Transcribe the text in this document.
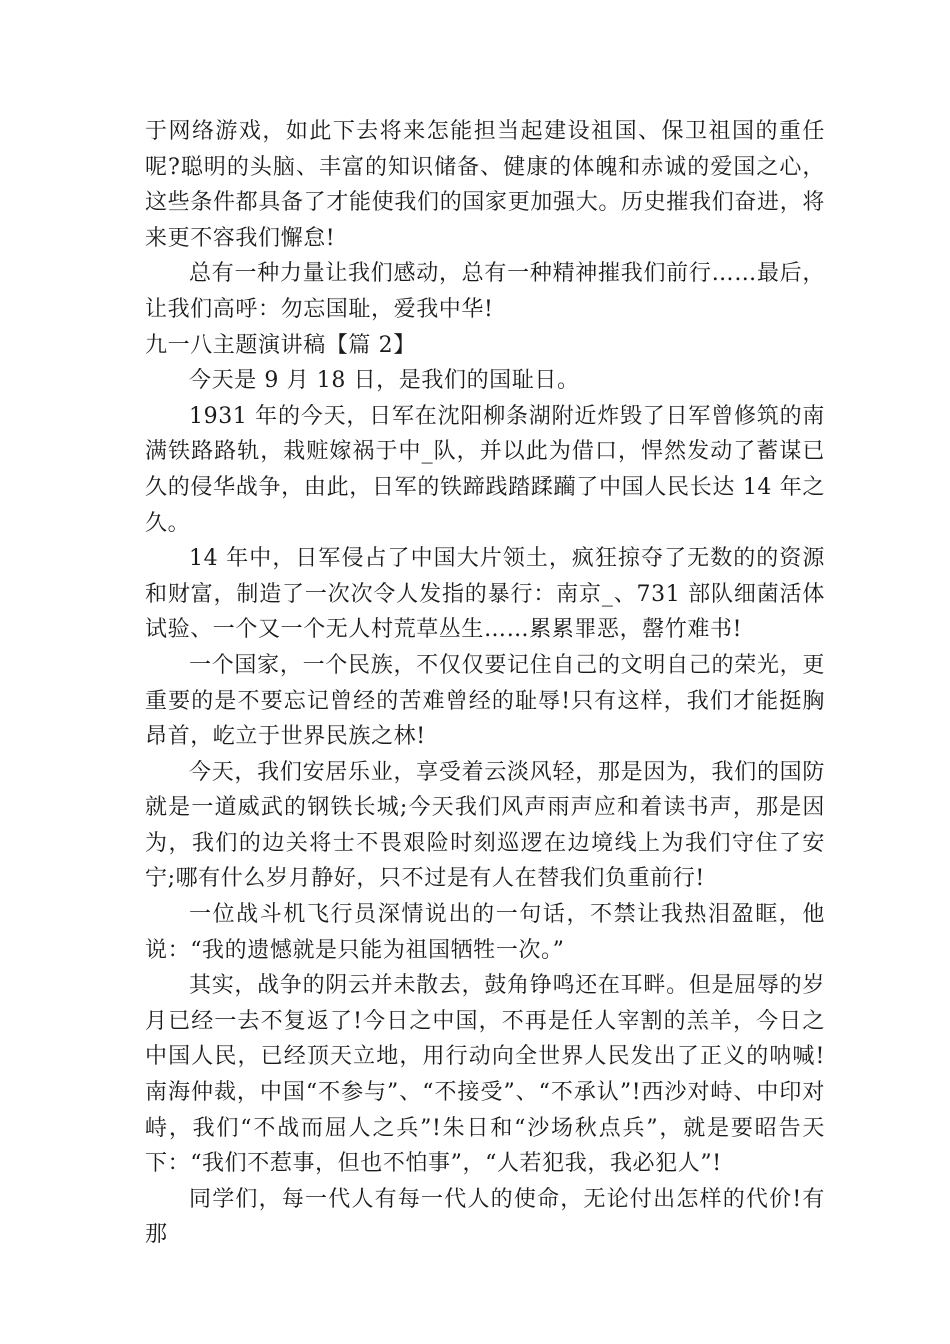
于网络游戏，如此下去将来怎能担当起建设祖国、保卫祖国的重任呢?聪明的头脑、丰富的知识储备、健康的体魄和赤诚的爱国之心，这些条件都具备了才能使我们的国家更加强大。历史摧我们奋进，将来更不容我们懈怠!

总有一种力量让我们感动，总有一种精神摧我们前行……最后，让我们高呼：勿忘国耻，爱我中华!

九一八主题演讲稿【篇 2】

今天是 9 月 18 日，是我们的国耻日。

1931 年的今天，日军在沈阳柳条湖附近炸毁了日军曾修筑的南满铁路路轨，栽赃嫁祸于中_队，并以此为借口，悍然发动了蓄谋已久的侵华战争，由此，日军的铁蹄践踏蹂躏了中国人民长达 14 年之久。

14 年中，日军侵占了中国大片领土，疯狂掠夺了无数的的资源和财富，制造了一次次令人发指的暴行：南京_、731 部队细菌活体试验、一个又一个无人村荒草丛生……累累罪恶，罄竹难书!

一个国家，一个民族，不仅仅要记住自己的文明自己的荣光，更重要的是不要忘记曾经的苦难曾经的耻辱!只有这样，我们才能挺胸昂首，屹立于世界民族之林!

今天，我们安居乐业，享受着云淡风轻，那是因为，我们的国防就是一道威武的钢铁长城;今天我们风声雨声应和着读书声，那是因为，我们的边关将士不畏艰险时刻巡逻在边境线上为我们守住了安宁;哪有什么岁月静好，只不过是有人在替我们负重前行!

一位战斗机飞行员深情说出的一句话，不禁让我热泪盈眶，他说：“我的遗憾就是只能为祖国牺牲一次。”

其实，战争的阴云并未散去，鼓角铮鸣还在耳畔。但是屈辱的岁月已经一去不复返了!今日之中国，不再是任人宰割的羔羊，今日之中国人民，已经顶天立地，用行动向全世界人民发出了正义的呐喊!南海仲裁，中国“不参与”、“不接受”、“不承认”!西沙对峙、中印对峙，我们“不战而屈人之兵”!朱日和“沙场秋点兵”，就是要昭告天下：“我们不惹事，但也不怕事”，“人若犯我，我必犯人”!

同学们，每一代人有每一代人的使命，无论付出怎样的代价!有那
